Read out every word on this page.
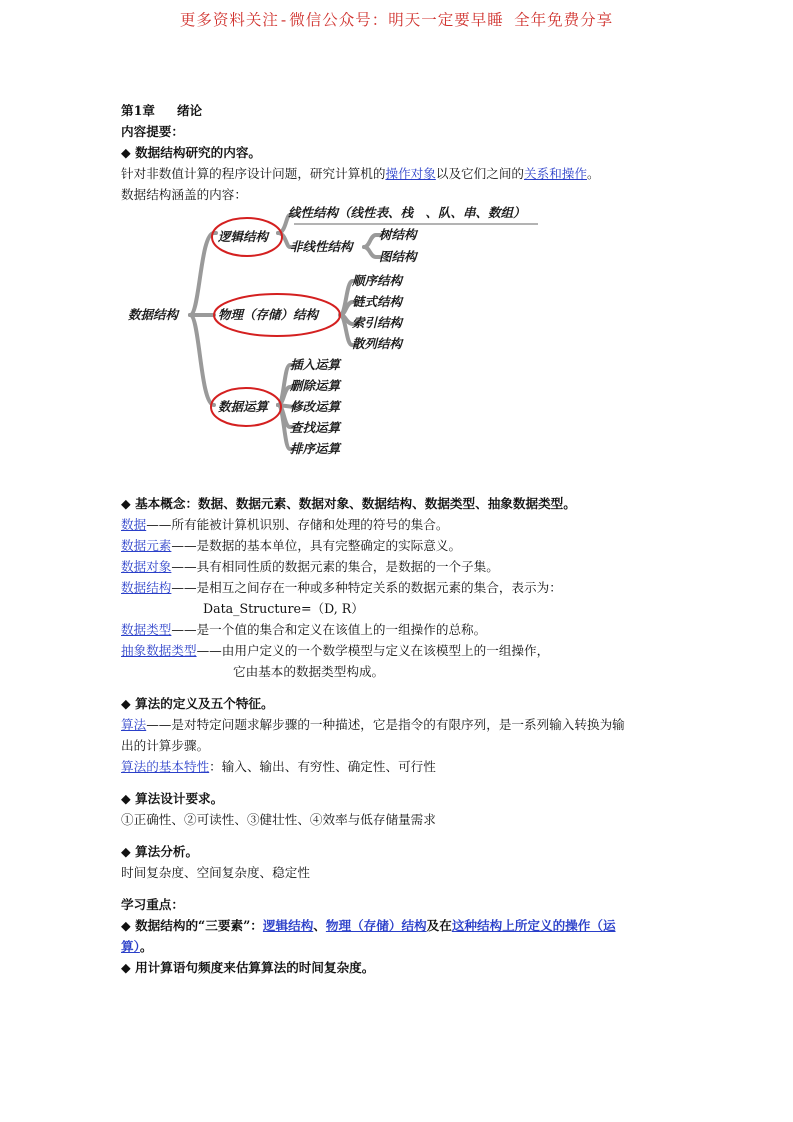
更多资料关注-微信公众号：明天一定要早睡 全年免费分享
第1章 绪论
内容提要：
◆ 数据结构研究的内容。
针对非数值计算的程序设计问题，研究计算机的操作对象以及它们之间的关系和操作。
数据结构涵盖的内容：
数据结构
逻辑结构
物理（存储）结构
数据运算
线性结构（线性表、栈　、队、串、数组）
非线性结构
树结构
图结构
顺序结构
链式结构
索引结构
散列结构
插入运算
删除运算
修改运算
查找运算
排序运算
◆ 基本概念：数据、数据元素、数据对象、数据结构、数据类型、抽象数据类型。
数据——所有能被计算机识别、存储和处理的符号的集合。
数据元素——是数据的基本单位，具有完整确定的实际意义。
数据对象——具有相同性质的数据元素的集合，是数据的一个子集。
数据结构——是相互之间存在一种或多种特定关系的数据元素的集合，表示为：
Data_Structure=（D, R）
数据类型——是一个值的集合和定义在该值上的一组操作的总称。
抽象数据类型——由用户定义的一个数学模型与定义在该模型上的一组操作，
它由基本的数据类型构成。
◆ 算法的定义及五个特征。
算法——是对特定问题求解步骤的一种描述，它是指令的有限序列，是一系列输入转换为输
出的计算步骤。
算法的基本特性：输入、输出、有穷性、确定性、可行性
◆ 算法设计要求。
①正确性、②可读性、③健壮性、④效率与低存储量需求
◆ 算法分析。
时间复杂度、空间复杂度、稳定性
学习重点：
◆ 数据结构的“三要素”：逻辑结构、物理（存储）结构及在这种结构上所定义的操作（运
算）。
◆ 用计算语句频度来估算算法的时间复杂度。
